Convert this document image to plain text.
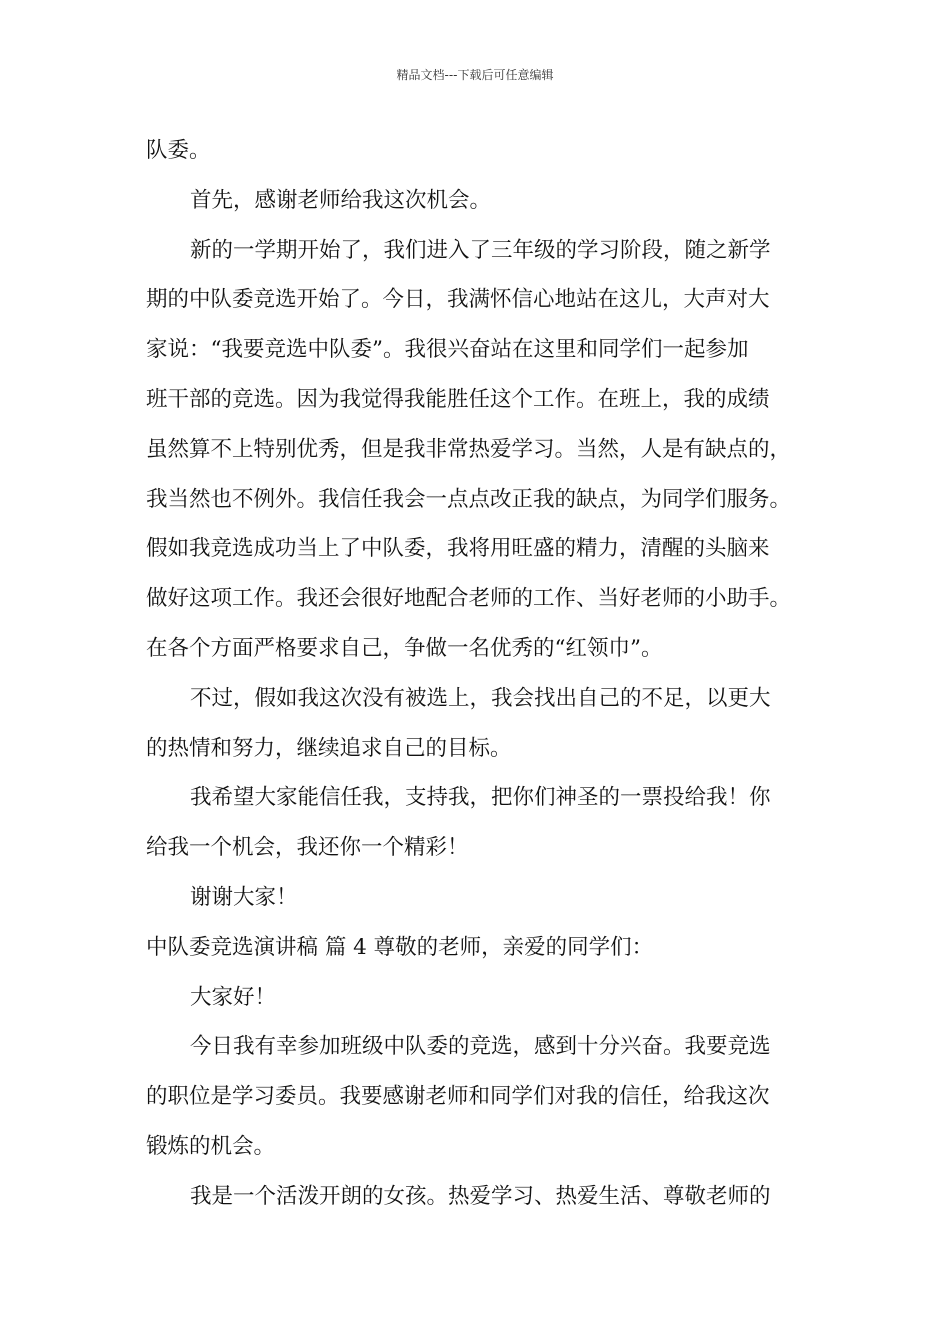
精品文档---下载后可任意编辑
队委。
首先，感谢老师给我这次机会。
新的一学期开始了，我们进入了三年级的学习阶段，随之新学
期的中队委竞选开始了。今日，我满怀信心地站在这儿，大声对大
家说：“我要竞选中队委”。我很兴奋站在这里和同学们一起参加
班干部的竞选。因为我觉得我能胜任这个工作。在班上，我的成绩
虽然算不上特别优秀，但是我非常热爱学习。当然，人是有缺点的，
我当然也不例外。我信任我会一点点改正我的缺点，为同学们服务。
假如我竞选成功当上了中队委，我将用旺盛的精力，清醒的头脑来
做好这项工作。我还会很好地配合老师的工作、当好老师的小助手。
在各个方面严格要求自己，争做一名优秀的“红领巾”。
不过，假如我这次没有被选上，我会找出自己的不足，以更大
的热情和努力，继续追求自己的目标。
我希望大家能信任我，支持我，把你们神圣的一票投给我！你
给我一个机会，我还你一个精彩！
谢谢大家！
中队委竞选演讲稿 篇 4 尊敬的老师，亲爱的同学们：
大家好！
今日我有幸参加班级中队委的竞选，感到十分兴奋。我要竞选
的职位是学习委员。我要感谢老师和同学们对我的信任，给我这次
锻炼的机会。
我是一个活泼开朗的女孩。热爱学习、热爱生活、尊敬老师的
